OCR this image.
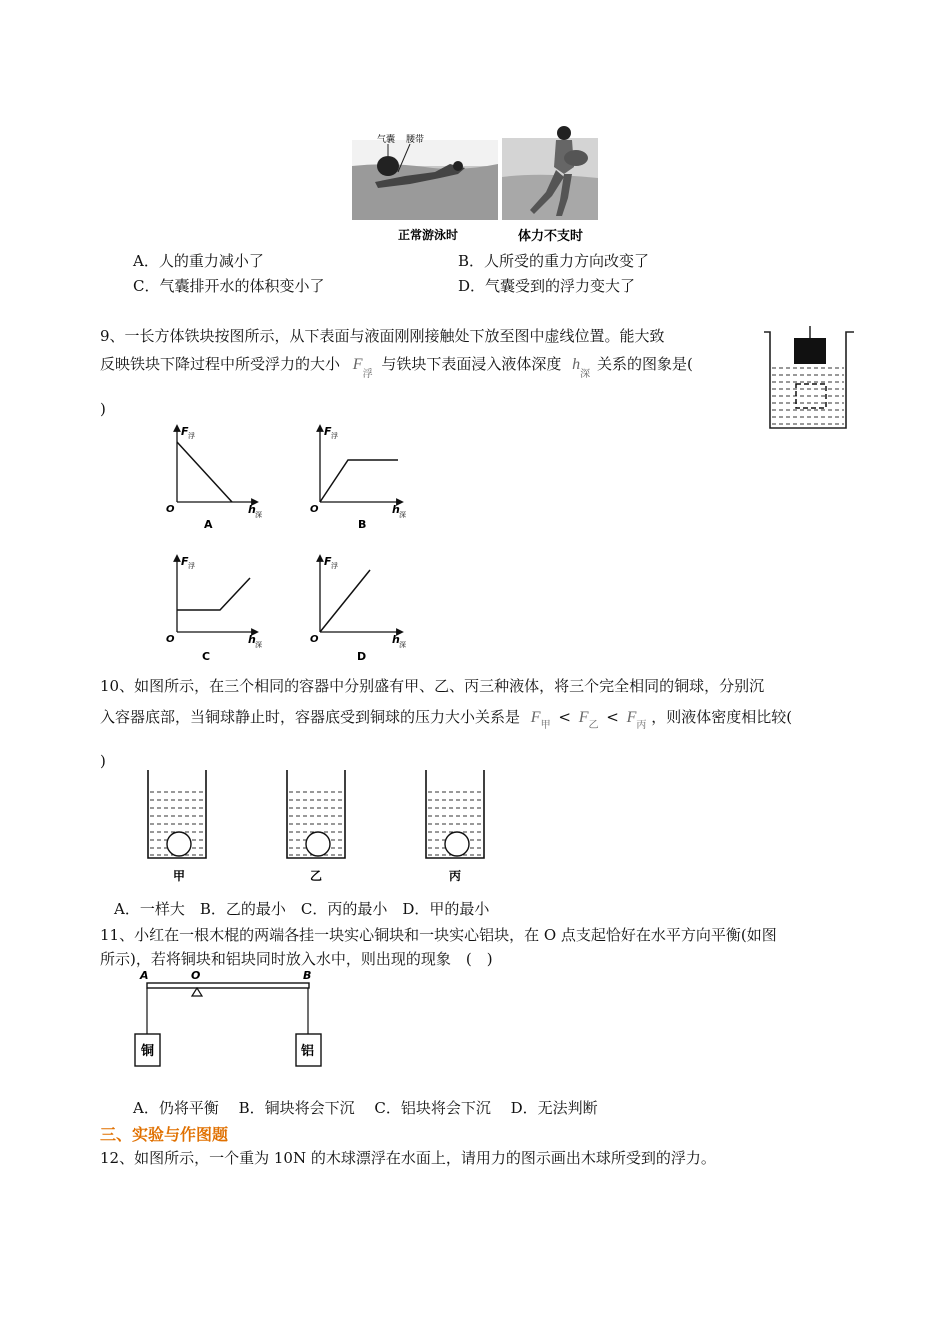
气囊 腰带
正常游泳时	体力不支时
A．人的重力减小了	B．人所受的重力方向改变了
C．气囊排开水的体积变小了	D．气囊受到的浮力变大了
9、一长方体铁块按图所示，从下表面与液面刚刚接触处下放至图中虚线位置。能大致
反映铁块下降过程中所受浮力的大小 $F_浮$ 与铁块下表面浸入液体深度 $h_深$ 关系的图象是(
)
F 浮
O	h 深
A
F 浮
O	h 深
B
F 浮
O	h 深
C
F 浮
O	h 深
D
10、如图所示，在三个相同的容器中分别盛有甲、乙、丙三种液体，将三个完全相同的铜球，分别沉
入容器底部，当铜球静止时，容器底受到铜球的压力大小关系是 $F_甲 < F_乙 < F_丙$ ，则液体密度相比较(
)
甲	乙	丙
A．一样大　B．乙的最小　C．丙的最小　D．甲的最小
11、小红在一根木棍的两端各挂一块实心铜块和一块实心铝块，在 O 点支起恰好在水平方向平衡(如图
所示)，若将铜块和铝块同时放入水中，则出现的现象　(　)
A	O	B
铜	铝
A．仍将平衡　 B．铜块将会下沉　 C．铝块将会下沉　 D．无法判断
三、实验与作图题
12、如图所示，一个重为 10N 的木球漂浮在水面上，请用力的图示画出木球所受到的浮力。
